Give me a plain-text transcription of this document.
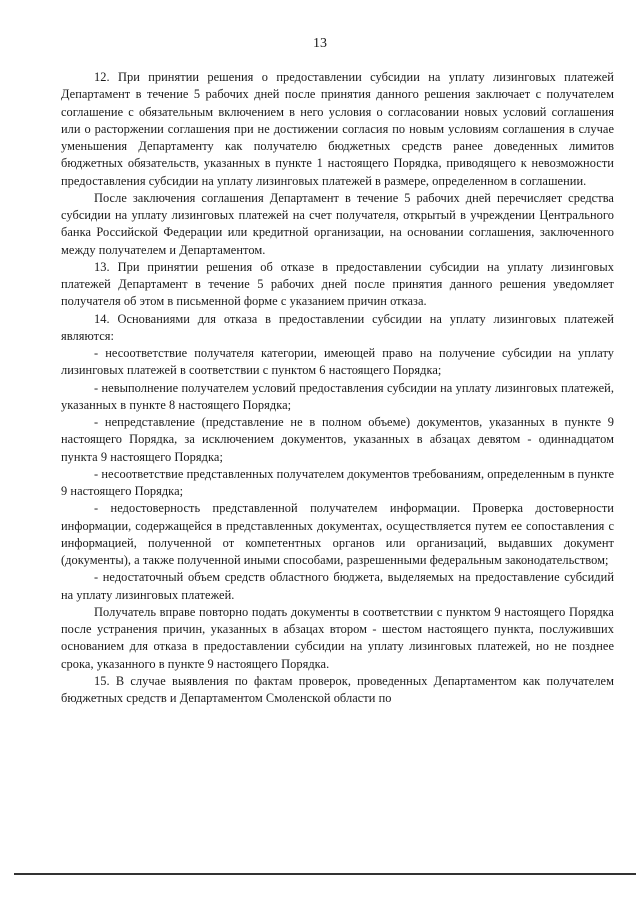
13

12. При принятии решения о предоставлении субсидии на уплату лизинговых платежей Департамент в течение 5 рабочих дней после принятия данного решения заключает с получателем соглашение с обязательным включением в него условия о согласовании новых условий соглашения или о расторжении соглашения при не достижении согласия по новым условиям соглашения в случае уменьшения Департаменту как получателю бюджетных средств ранее доведенных лимитов бюджетных обязательств, указанных в пункте 1 настоящего Порядка, приводящего к невозможности предоставления субсидии на уплату лизинговых платежей в размере, определенном в соглашении.

После заключения соглашения Департамент в течение 5 рабочих дней перечисляет средства субсидии на уплату лизинговых платежей на счет получателя, открытый в учреждении Центрального банка Российской Федерации или кредитной организации, на основании соглашения, заключенного между получателем и Департаментом.

13. При принятии решения об отказе в предоставлении субсидии на уплату лизинговых платежей Департамент в течение 5 рабочих дней после принятия данного решения уведомляет получателя об этом в письменной форме с указанием причин отказа.

14. Основаниями для отказа в предоставлении субсидии на уплату лизинговых платежей являются:

- несоответствие получателя категории, имеющей право на получение субсидии на уплату лизинговых платежей в соответствии с пунктом 6 настоящего Порядка;

- невыполнение получателем условий предоставления субсидии на уплату лизинговых платежей, указанных в пункте 8 настоящего Порядка;

- непредставление (представление не в полном объеме) документов, указанных в пункте 9 настоящего Порядка, за исключением документов, указанных в абзацах девятом - одиннадцатом пункта 9 настоящего Порядка;

- несоответствие представленных получателем документов требованиям, определенным в пункте 9 настоящего Порядка;

- недостоверность представленной получателем информации. Проверка достоверности информации, содержащейся в представленных документах, осуществляется путем ее сопоставления с информацией, полученной от компетентных органов или организаций, выдавших документ (документы), а также полученной иными способами, разрешенными федеральным законодательством;

- недостаточный объем средств областного бюджета, выделяемых на предоставление субсидий на уплату лизинговых платежей.

Получатель вправе повторно подать документы в соответствии с пунктом 9 настоящего Порядка после устранения причин, указанных в абзацах втором - шестом настоящего пункта, послуживших основанием для отказа в предоставлении субсидии на уплату лизинговых платежей, но не позднее срока, указанного в пункте 9 настоящего Порядка.

15. В случае выявления по фактам проверок, проведенных Департаментом как получателем бюджетных средств и Департаментом Смоленской области по
